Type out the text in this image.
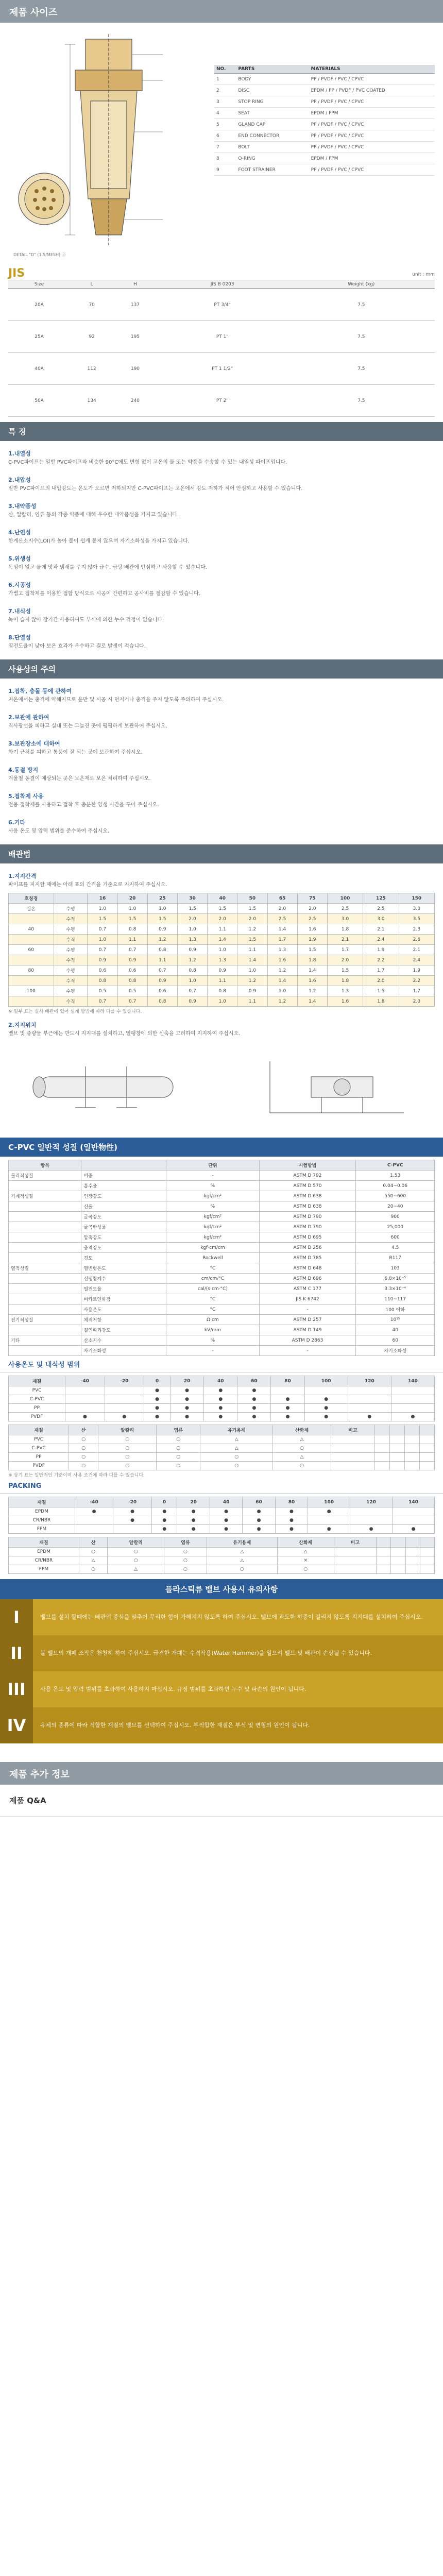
제품 사이즈
DETAIL "D" (1.5/MESH) ⓓ
NO.	PARTS	MATERIALS
1	BODY	PP / PVDF / PVC / CPVC
2	DISC	EPDM / PP / PVDF / PVC COATED
3	STOP RING	PP / PVDF / PVC / CPVC
4	SEAT	EPDM / FPM
5	GLAND CAP	PP / PVDF / PVC / CPVC
6	END CONNECTOR	PP / PVDF / PVC / CPVC
7	BOLT	PP / PVDF / PVC / CPVC
8	O-RING	EPDM / FPM
9	FOOT STRAINER	PP / PVDF / PVC / CPVC
JIS	unit : mm
Size	L	H	JIS B 0203	Weight (kg)
20A	70	137	PT 3/4"	7.5
25A	92	195	PT 1"	7.5
40A	112	190	PT 1 1/2"	7.5
50A	134	240	PT 2"	7.5
특 징
1.내열성
C-PVC파이프는 일반 PVC파이프와 비슷한 90°C에도 변형 없이 고온의 물 또는 약품을 수송할 수 있는 내열성 파이프입니다.
2.내압성
일반 PVC파이프의 내압강도는 온도가 오르면 저하되지만 C-PVC파이프는 고온에서 강도 저하가 적어 안심하고 사용할 수 있습니다.
3.내약품성
산, 알칼리, 염류 등의 각종 약품에 대해 우수한 내약품성을 가지고 있습니다.
4.난연성
한계산소지수(LOI)가 높아 불이 쉽게 붙지 않으며 자기소화성을 가지고 있습니다.
5.위생성
독성이 없고 물에 맛과 냄새를 주지 않아 급수, 급탕 배관에 안심하고 사용할 수 있습니다.
6.시공성
가볍고 접착제를 이용한 접합 방식으로 시공이 간편하고 공사비를 절감할 수 있습니다.
7.내식성
녹이 슬지 않아 장기간 사용하여도 부식에 의한 누수 걱정이 없습니다.
8.단열성
열전도율이 낮아 보온 효과가 우수하고 결로 발생이 적습니다.
사용상의 주의
1.접착, 충돌 등에 관하여
저온에서는 충격에 약해지므로 운반 및 시공 시 던지거나 충격을 주지 않도록 주의하여 주십시오.
2.보관에 관하여
직사광선을 피하고 실내 또는 그늘진 곳에 평평하게 보관하여 주십시오.
3.보관장소에 대하여
화기 근처를 피하고 통풍이 잘 되는 곳에 보관하여 주십시오.
4.동결 방지
겨울철 동결이 예상되는 곳은 보온재로 보온 처리하여 주십시오.
5.접착제 사용
전용 접착제를 사용하고 접착 후 충분한 양생 시간을 두어 주십시오.
6.기타
사용 온도 및 압력 범위를 준수하여 주십시오.
배관법
1.지지간격
파이프를 지지할 때에는 아래 표의 간격을 기준으로 지지하여 주십시오.
호칭경		16	20	25	30	40	50	65	75	100	125	150
실온	수평	1.0	1.0	1.0	1.5	1.5	1.5	2.0	2.0	2.5	2.5	3.0
	수직	1.5	1.5	1.5	2.0	2.0	2.0	2.5	2.5	3.0	3.0	3.5
40	수평	0.7	0.8	0.9	1.0	1.1	1.2	1.4	1.6	1.8	2.1	2.3
	수직	1.0	1.1	1.2	1.3	1.4	1.5	1.7	1.9	2.1	2.4	2.6
60	수평	0.7	0.7	0.8	0.9	1.0	1.1	1.3	1.5	1.7	1.9	2.1
	수직	0.9	0.9	1.1	1.2	1.3	1.4	1.6	1.8	2.0	2.2	2.4
80	수평	0.6	0.6	0.7	0.8	0.9	1.0	1.2	1.4	1.5	1.7	1.9
	수직	0.8	0.8	0.9	1.0	1.1	1.2	1.4	1.6	1.8	2.0	2.2
100	수평	0.5	0.5	0.6	0.7	0.8	0.9	1.0	1.2	1.3	1.5	1.7
	수직	0.7	0.7	0.8	0.9	1.0	1.1	1.2	1.4	1.6	1.8	2.0
※ 일부 표는 실사 배관에 있어 설계 방법에 따라 다를 수 있습니다.
2.지지위치
밸브 및 중량물 부근에는 반드시 지지대를 설치하고, 열팽창에 의한 신축을 고려하여 지지하여 주십시오.
C-PVC 일반적 성질 (일반物性)
항목		단위	시험방법	C-PVC
물리적성질	비중	-	ASTM D 792	1.53
	흡수율	%	ASTM D 570	0.04~0.06
기계적성질	인장강도	kgf/cm²	ASTM D 638	550~600
	신율	%	ASTM D 638	20~40
	굴곡강도	kgf/cm²	ASTM D 790	900
	굴곡탄성률	kgf/cm²	ASTM D 790	25,000
	압축강도	kgf/cm²	ASTM D 695	600
	충격강도	kgf·cm/cm	ASTM D 256	4.5
	경도	Rockwell	ASTM D 785	R117
열적성질	열변형온도	°C	ASTM D 648	103
	선팽창계수	cm/cm/°C	ASTM D 696	6.8×10⁻⁵
	열전도율	cal/(s·cm·°C)	ASTM C 177	3.3×10⁻⁴
	비카트연화점	°C	JIS K 6742	110~117
	사용온도	°C	-	100 이하
전기적성질	체적저항	Ω·cm	ASTM D 257	10¹⁵
	절연파괴강도	kV/mm	ASTM D 149	40
기타	산소지수	%	ASTM D 2863	60
	자기소화성	-	-	자기소화성
사용온도 및 내식성 범위
재질	-40	-20	0	20	40	60	80	100	120	140
PVC			●	●	●	●				
C-PVC			●	●	●	●	●	●		
PP			●	●	●	●	●	●		
PVDF	●	●	●	●	●	●	●	●	●	●
재질	산	알칼리	염류	유기용제	산화제	비고				
PVC	○	○	○	△	△					
C-PVC	○	○	○	△	○					
PP	○	○	○	○	△					
PVDF	○	○	○	○	○					
※ 상기 표는 일반적인 기준이며 사용 조건에 따라 다를 수 있습니다.
PACKING
재질	-40	-20	0	20	40	60	80	100	120	140
EPDM	●	●	●	●	●	●	●	●		
CR/NBR		●	●	●	●	●	●			
FPM			●	●	●	●	●	●	●	●
재질	산	알칼리	염류	유기용제	산화제	비고				
EPDM	○	○	○	△	△					
CR/NBR	△	○	○	△	×					
FPM	○	△	○	○	○					
플라스틱류 밸브 사용시 유의사항
I	밸브를 설치 할때에는 배관의 중심을 맞추어 무리한 힘이 가해지지 않도록 하여 주십시오. 밸브에 과도한 하중이 걸리지 않도록 지지대를 설치하여 주십시오.
II	볼 밸브의 개폐 조작은 천천히 하여 주십시오. 급격한 개폐는 수격작용(Water Hammer)을 일으켜 밸브 및 배관이 손상될 수 있습니다.
III	사용 온도 및 압력 범위를 초과하여 사용하지 마십시오. 규정 범위를 초과하면 누수 및 파손의 원인이 됩니다.
IV	유체의 종류에 따라 적합한 재질의 밸브를 선택하여 주십시오. 부적합한 재질은 부식 및 변형의 원인이 됩니다.
제품 추가 정보
제품 Q&A
